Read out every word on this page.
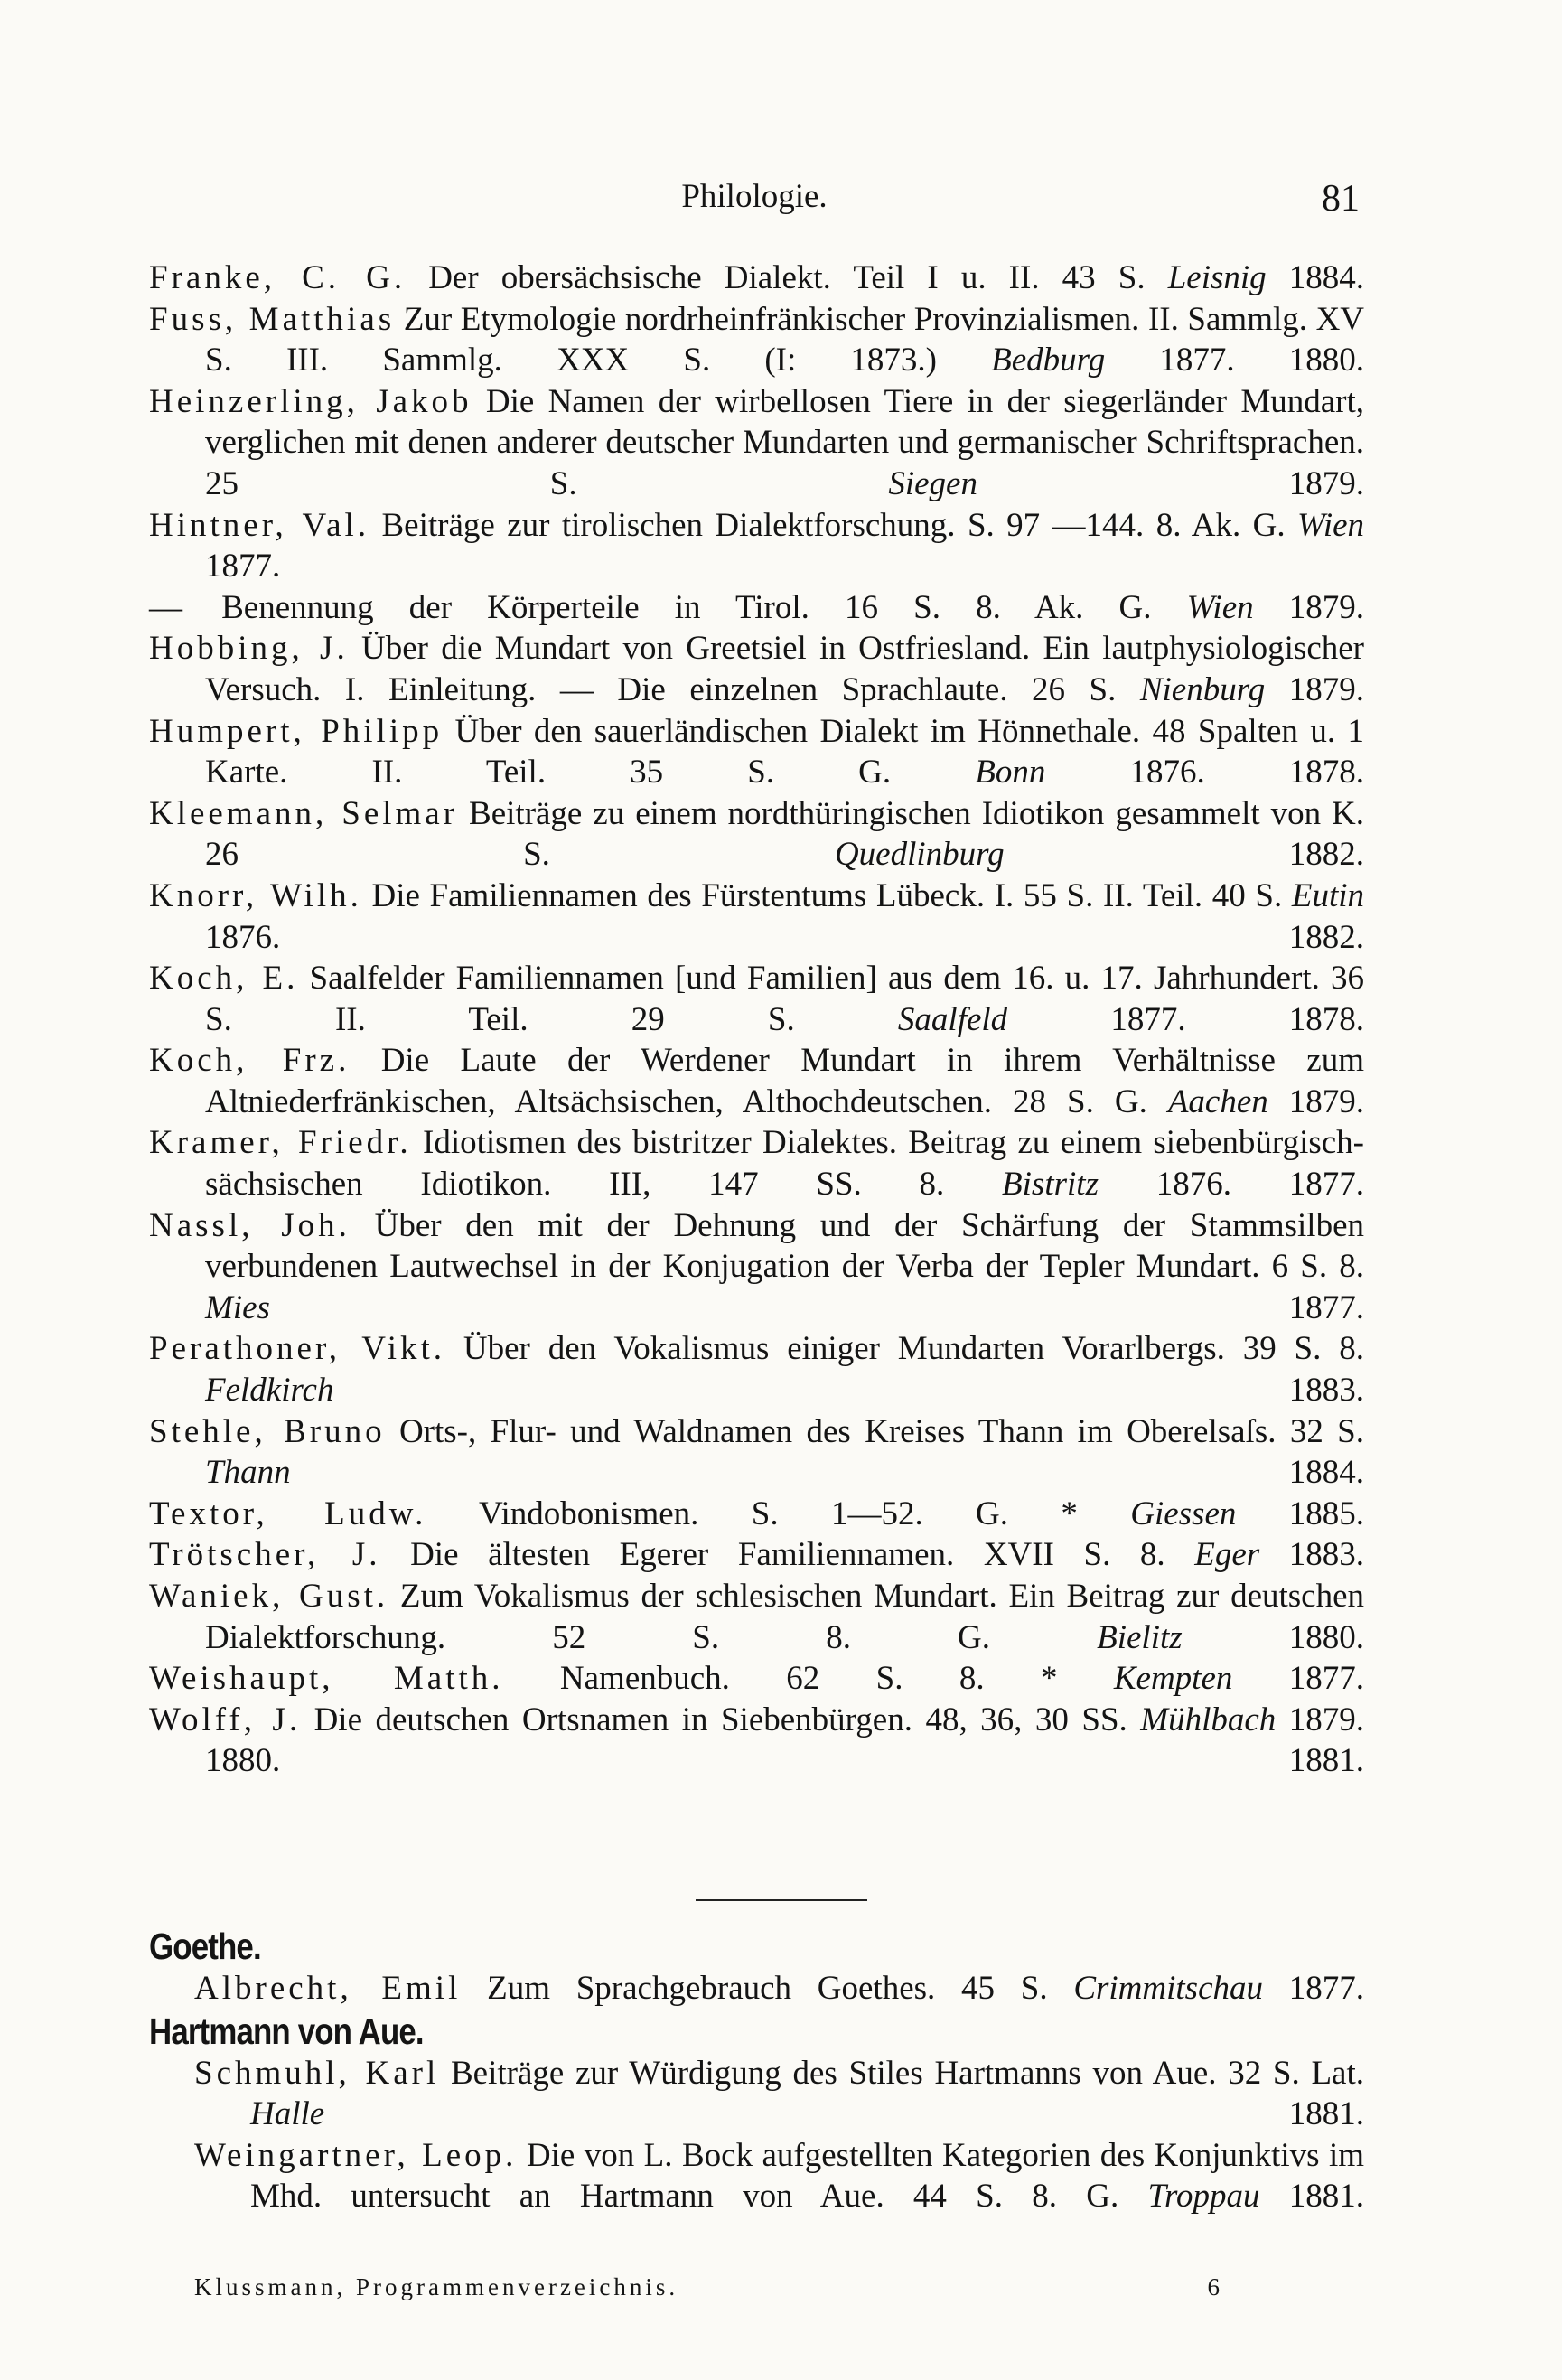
Philologie.	81
Franke, C. G. Der obersächsische Dialekt. Teil I u. II. 43 S. Leisnig 1884.
Fuss, Matthias Zur Etymologie nordrheinfränkischer Provinzialismen. II. Sammlg. XV S. III. Sammlg. XXX S. (I: 1873.) Bedburg 1877. 1880.
Heinzerling, Jakob Die Namen der wirbellosen Tiere in der siegerländer Mundart, verglichen mit denen anderer deutscher Mundarten und germanischer Schriftsprachen. 25 S.	Siegen	1879.
Hintner, Val. Beiträge zur tirolischen Dialektforschung. S. 97 —144. 8. Ak. G. Wien 1877.
— Benennung der Körperteile in Tirol. 16 S. 8. Ak. G. Wien 1879.
Hobbing, J. Über die Mundart von Greetsiel in Ostfriesland. Ein lautphysiologischer Versuch. I. Einleitung. — Die einzelnen Sprachlaute. 26 S. Nienburg 1879.
Humpert, Philipp Über den sauerländischen Dialekt im Hönnethale. 48 Spalten u. 1 Karte. II. Teil. 35 S. G.	Bonn	1876. 1878.
Kleemann, Selmar Beiträge zu einem nordthüringischen Idiotikon gesammelt von K. 26 S.	Quedlinburg	1882.
Knorr, Wilh. Die Familiennamen des Fürstentums Lübeck. I. 55 S. II. Teil. 40 S. Eutin 1876. 1882.
Koch, E. Saalfelder Familiennamen [und Familien] aus dem 16. u. 17. Jahrhundert. 36 S. II. Teil. 29 S.	Saalfeld	1877. 1878.
Koch, Frz. Die Laute der Werdener Mundart in ihrem Verhältnisse zum Altniederfränkischen, Altsächsischen, Althochdeutschen. 28 S. G. Aachen 1879.
Kramer, Friedr. Idiotismen des bistritzer Dialektes. Beitrag zu einem siebenbürgisch-sächsischen Idiotikon. III, 147 SS. 8. Bistritz 1876. 1877.
Nassl, Joh. Über den mit der Dehnung und der Schärfung der Stammsilben verbundenen Lautwechsel in der Konjugation der Verba der Tepler Mundart. 6 S. 8. Mies	1877.
Perathoner, Vikt. Über den Vokalismus einiger Mundarten Vorarlbergs. 39 S. 8. Feldkirch	1883.
Stehle, Bruno Orts-, Flur- und Waldnamen des Kreises Thann im Oberelsaſs. 32 S. Thann	1884.
Textor, Ludw. Vindobonismen. S. 1—52. G. * Giessen 1885.
Trötscher, J. Die ältesten Egerer Familiennamen. XVII S. 8. Eger 1883.
Waniek, Gust. Zum Vokalismus der schlesischen Mundart. Ein Beitrag zur deutschen Dialektforschung. 52 S. 8. G.	Bielitz	1880.
Weishaupt, Matth. Namenbuch. 62 S. 8. * Kempten 1877.
Wolff, J. Die deutschen Ortsnamen in Siebenbürgen. 48, 36, 30 SS. Mühlbach 1879. 1880. 1881.
Goethe.
Albrecht, Emil Zum Sprachgebrauch Goethes. 45 S. Crimmitschau 1877.
Hartmann von Aue.
Schmuhl, Karl Beiträge zur Würdigung des Stiles Hartmanns von Aue. 32 S. Lat. Halle	1881.
Weingartner, Leop. Die von L. Bock aufgestellten Kategorien des Konjunktivs im Mhd. untersucht an Hartmann von Aue. 44 S. 8. G. Troppau 1881.
Klussmann, Programmenverzeichnis.	6
